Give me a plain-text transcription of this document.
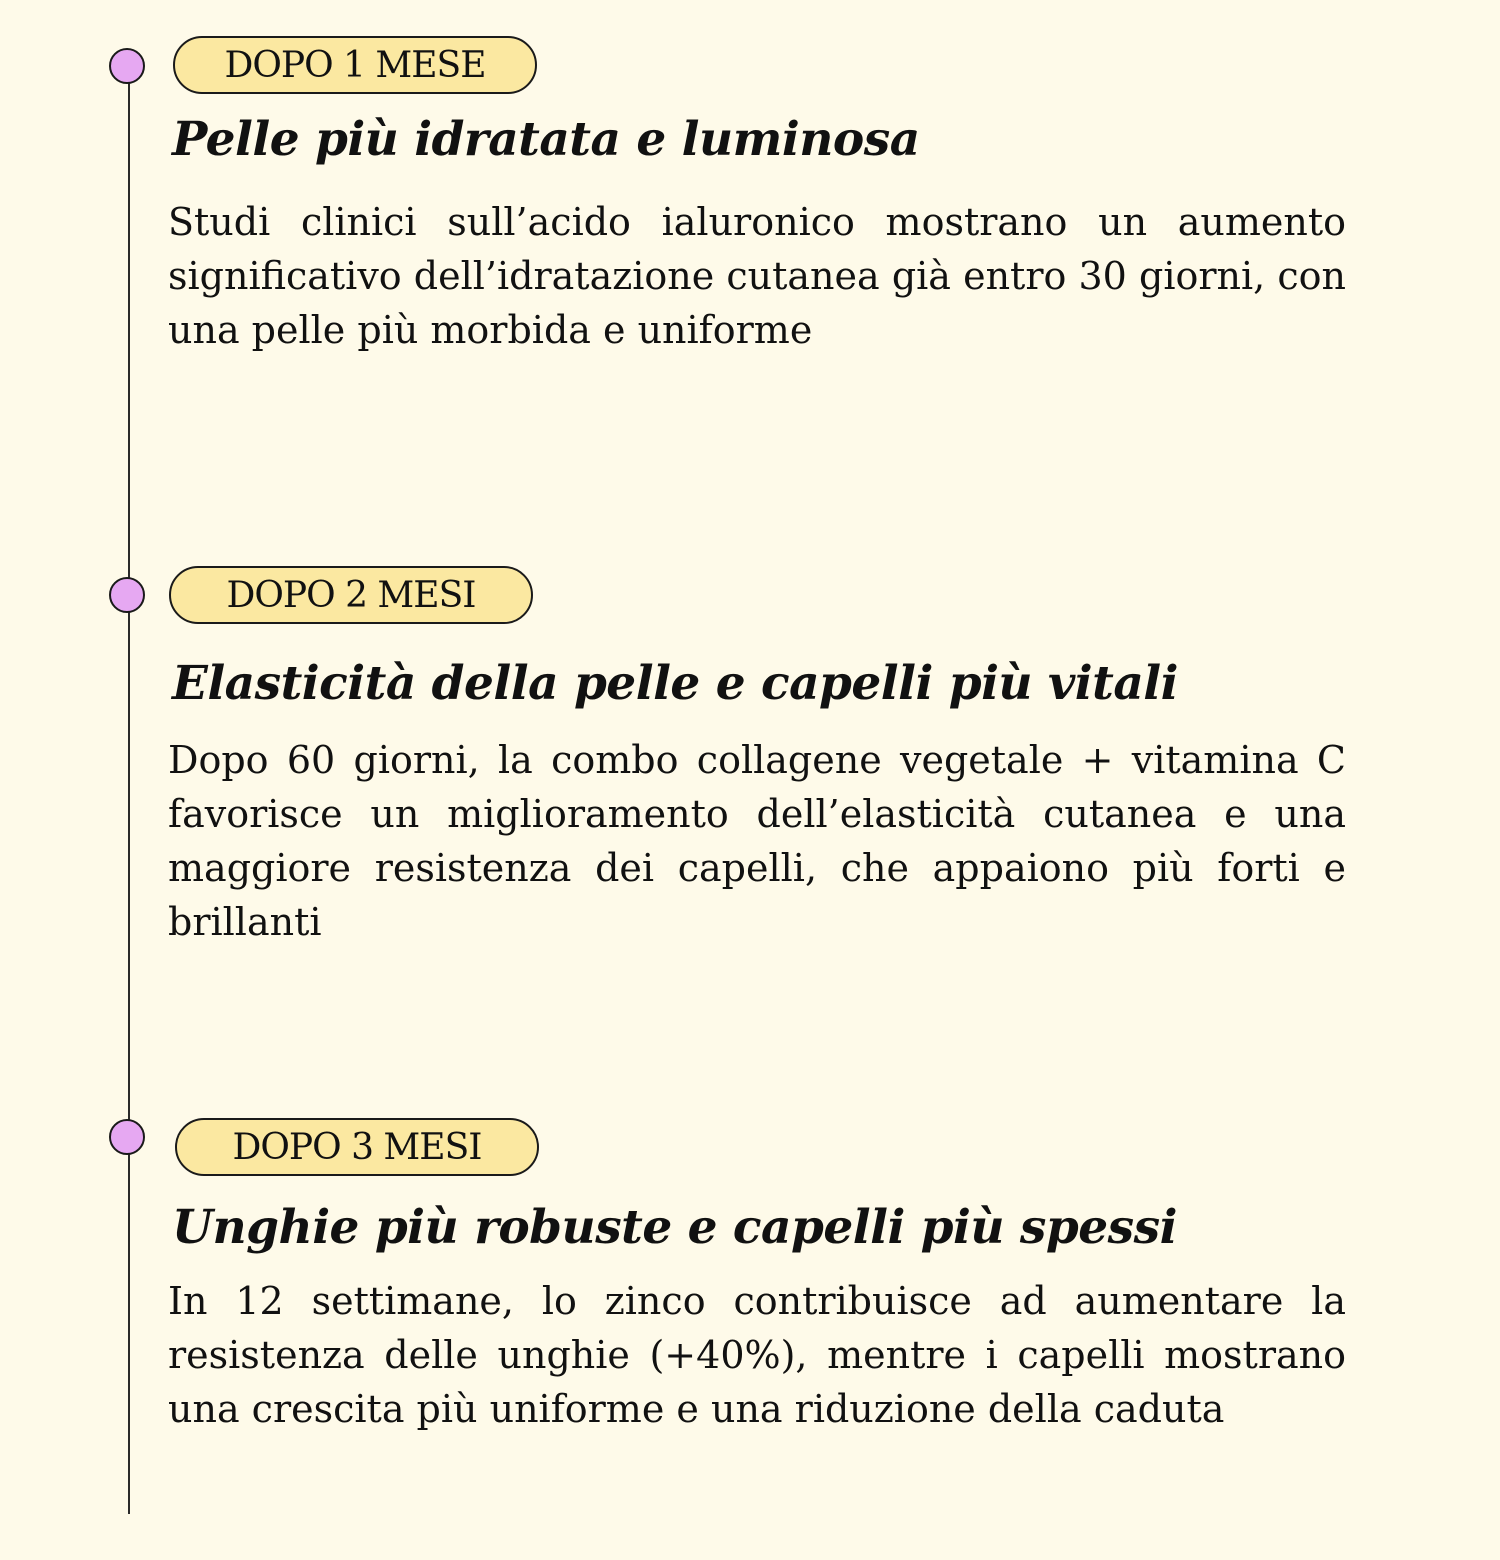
DOPO 1 MESE
Pelle più idratata e luminosa

Studi clinici sull’acido ialuronico mostrano un aumento significativo dell’idratazione cutanea già entro 30 giorni, con una pelle più morbida e uniforme

DOPO 2 MESI
Elasticità della pelle e capelli più vitali

Dopo 60 giorni, la combo collagene vegetale + vitamina C favorisce un miglioramento dell’elasticità cutanea e una maggiore resistenza dei capelli, che appaiono più forti e brillanti

DOPO 3 MESI
Unghie più robuste e capelli più spessi

In 12 settimane, lo zinco contribuisce ad aumentare la resistenza delle unghie (+40%), mentre i capelli mostrano una crescita più uniforme e una riduzione della caduta
